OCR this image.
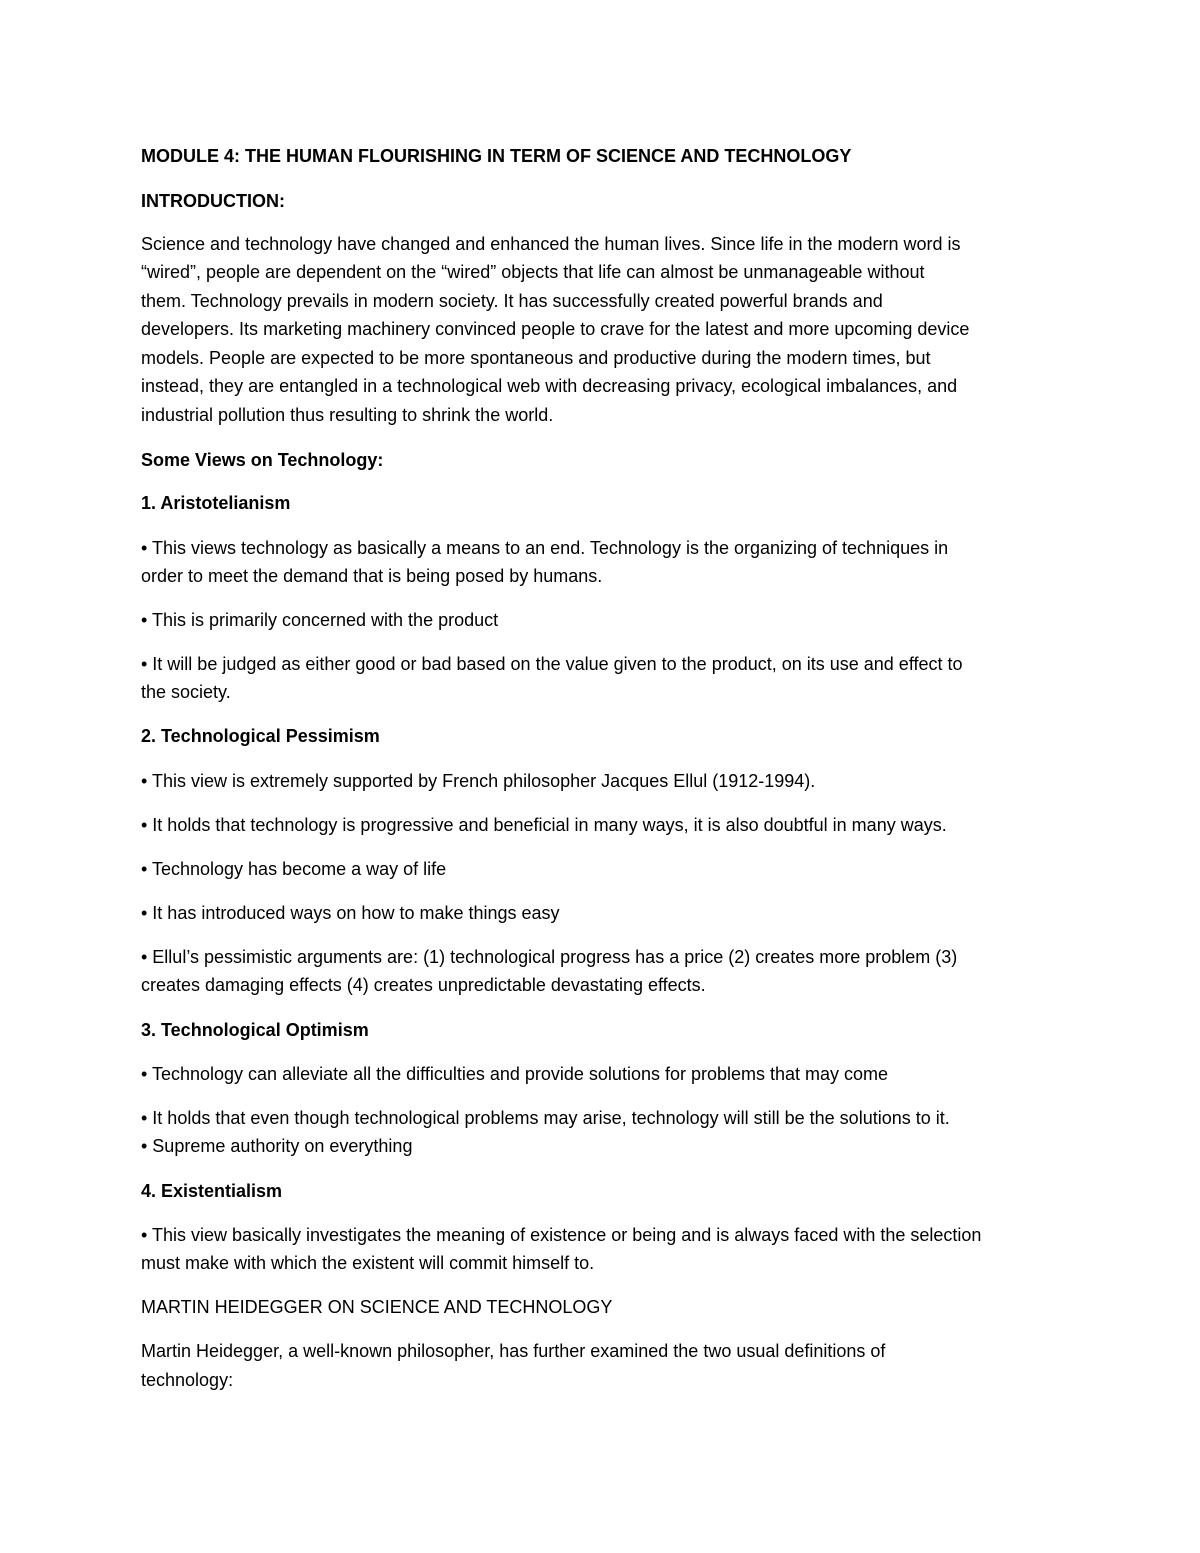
MODULE 4: THE HUMAN FLOURISHING IN TERM OF SCIENCE AND TECHNOLOGY
INTRODUCTION:
Science and technology have changed and enhanced the human lives. Since life in the modern word is
“wired”, people are dependent on the “wired” objects that life can almost be unmanageable without
them. Technology prevails in modern society. It has successfully created powerful brands and
developers. Its marketing machinery convinced people to crave for the latest and more upcoming device
models. People are expected to be more spontaneous and productive during the modern times, but
instead, they are entangled in a technological web with decreasing privacy, ecological imbalances, and
industrial pollution thus resulting to shrink the world.
Some Views on Technology:
1. Aristotelianism
• This views technology as basically a means to an end. Technology is the organizing of techniques in
order to meet the demand that is being posed by humans.
• This is primarily concerned with the product
• It will be judged as either good or bad based on the value given to the product, on its use and effect to
the society.
2. Technological Pessimism
• This view is extremely supported by French philosopher Jacques Ellul (1912-1994).
• It holds that technology is progressive and beneficial in many ways, it is also doubtful in many ways.
• Technology has become a way of life
• It has introduced ways on how to make things easy
• Ellul’s pessimistic arguments are: (1) technological progress has a price (2) creates more problem (3)
creates damaging effects (4) creates unpredictable devastating effects.
3. Technological Optimism
• Technology can alleviate all the difficulties and provide solutions for problems that may come
• It holds that even though technological problems may arise, technology will still be the solutions to it.
• Supreme authority on everything
4. Existentialism
• This view basically investigates the meaning of existence or being and is always faced with the selection
must make with which the existent will commit himself to.
MARTIN HEIDEGGER ON SCIENCE AND TECHNOLOGY
Martin Heidegger, a well-known philosopher, has further examined the two usual definitions of
technology:
